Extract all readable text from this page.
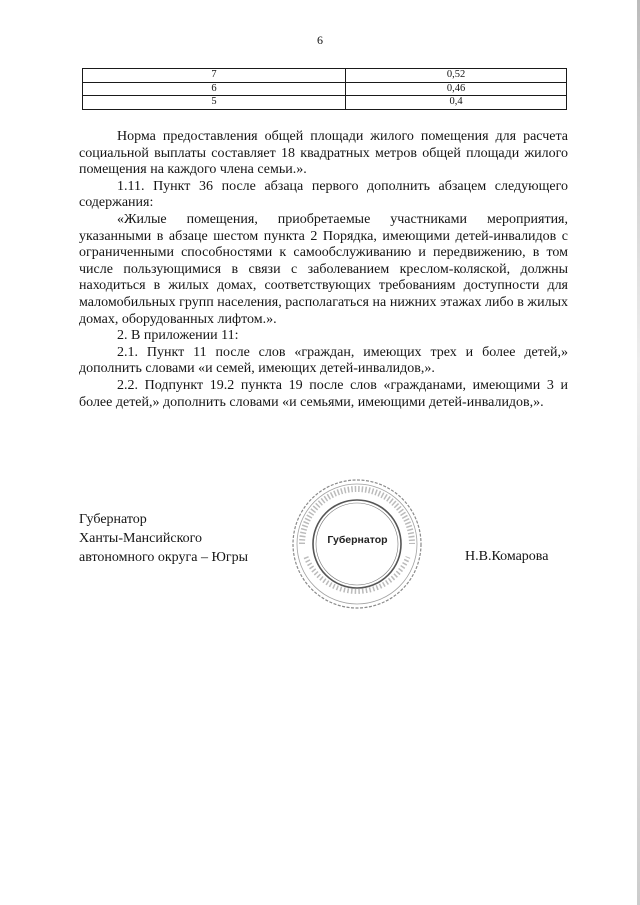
6
7	0,52
6	0,46
5	0,4

Норма предоставления общей площади жилого помещения для расчета социальной выплаты составляет 18 квадратных метров общей площади жилого помещения на каждого члена семьи.».

1.11. Пункт 36 после абзаца первого дополнить абзацем следующего содержания:

«Жилые помещения, приобретаемые участниками мероприятия, указанными в абзаце шестом пункта 2 Порядка, имеющими детей-инвалидов с ограниченными способностями к самообслуживанию и передвижению, в том числе пользующимися в связи с заболеванием креслом-коляской, должны находиться в жилых домах, соответствующих требованиям доступности для маломобильных групп населения, располагаться на нижних этажах либо в жилых домах, оборудованных лифтом.».

2. В приложении 11:

2.1. Пункт 11 после слов «граждан, имеющих трех и более детей,» дополнить словами «и семей, имеющих детей-инвалидов,».

2.2. Подпункт 19.2 пункта 19 после слов «гражданами, имеющими 3 и более детей,» дополнить словами «и семьями, имеющими детей-инвалидов,».

Губернатор
Ханты-Мансийского
автономного округа – Югры
Губернатор
Н.В.Комарова
